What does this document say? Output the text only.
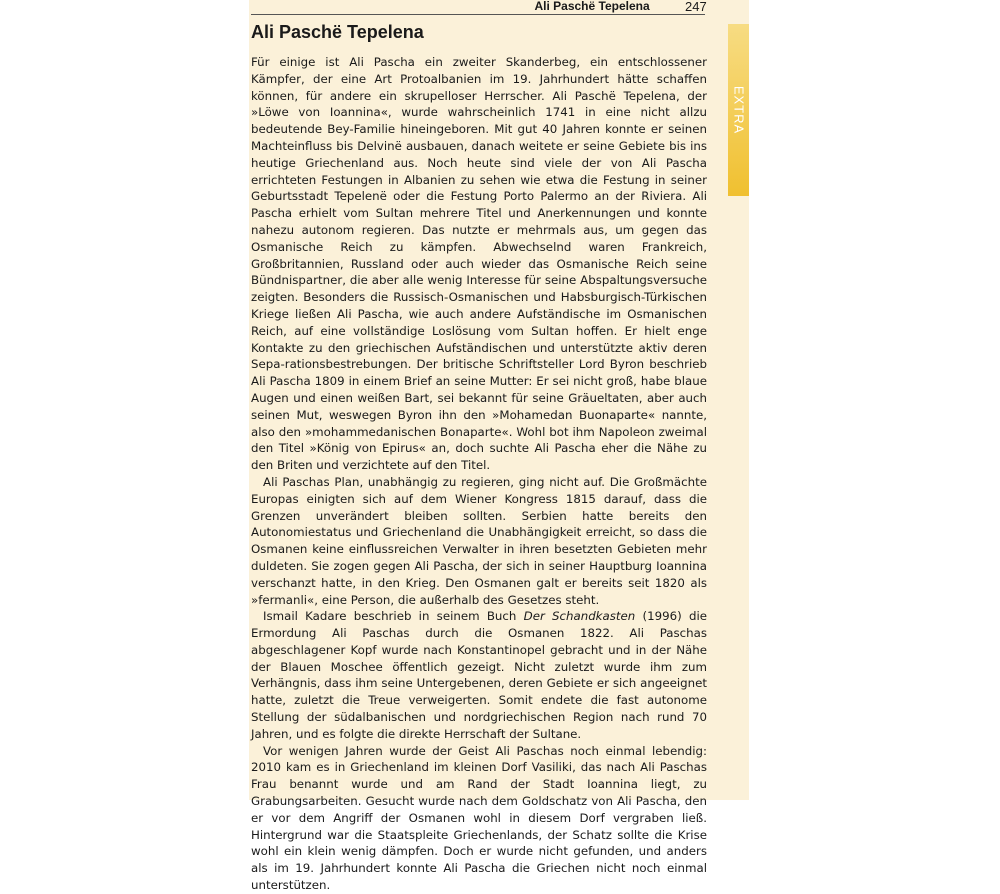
Ali Paschë Tepelena	247
Ali Paschë Tepelena

Für einige ist Ali Pascha ein zweiter Skanderbeg, ein entschlossener Kämpfer, der eine Art Protoalbanien im 19. Jahrhundert hätte schaffen können, für andere ein skrupelloser Herrscher. Ali Paschë Tepelena, der »Löwe von Ioannina«, wurde wahrscheinlich 1741 in eine nicht allzu bedeutende Bey-Familie hineingeboren. Mit gut 40 Jahren konnte er seinen Machteinfluss bis Delvinë ausbauen, danach weitete er seine Gebiete bis ins heutige Griechenland aus. Noch heute sind viele der von Ali Pascha errichteten Festungen in Albanien zu sehen wie etwa die Festung in seiner Geburtsstadt Tepelenë oder die Festung Porto Palermo an der Riviera. Ali Pascha erhielt vom Sultan mehrere Titel und Anerkennungen und konnte nahezu autonom regieren. Das nutzte er mehrmals aus, um gegen das Osmanische Reich zu kämpfen. Abwechselnd waren Frankreich, Großbritannien, Russland oder auch wieder das Osmanische Reich seine Bündnispartner, die aber alle wenig Interesse für seine Abspaltungsversuche zeigten. Besonders die Russisch-Osmanischen und Habsburgisch-Türkischen Kriege ließen Ali Pascha, wie auch andere Aufständische im Osmanischen Reich, auf eine vollständige Loslösung vom Sultan hoffen. Er hielt enge Kontakte zu den griechischen Aufständischen und unterstützte aktiv deren Sepa-rationsbestrebungen. Der britische Schriftsteller Lord Byron beschrieb Ali Pascha 1809 in einem Brief an seine Mutter: Er sei nicht groß, habe blaue Augen und einen weißen Bart, sei bekannt für seine Gräueltaten, aber auch seinen Mut, weswegen Byron ihn den »Mohamedan Buonaparte« nannte, also den »mohammedanischen Bonaparte«. Wohl bot ihm Napoleon zweimal den Titel »König von Epirus« an, doch suchte Ali Pascha eher die Nähe zu den Briten und verzichtete auf den Titel.

Ali Paschas Plan, unabhängig zu regieren, ging nicht auf. Die Großmächte Europas einigten sich auf dem Wiener Kongress 1815 darauf, dass die Grenzen unverändert bleiben sollten. Serbien hatte bereits den Autonomiestatus und Griechenland die Unabhängigkeit erreicht, so dass die Osmanen keine einflussreichen Verwalter in ihren besetzten Gebieten mehr duldeten. Sie zogen gegen Ali Pascha, der sich in seiner Hauptburg Ioannina verschanzt hatte, in den Krieg. Den Osmanen galt er bereits seit 1820 als »fermanli«, eine Person, die außerhalb des Gesetzes steht.

Ismail Kadare beschrieb in seinem Buch Der Schandkasten (1996) die Ermordung Ali Paschas durch die Osmanen 1822. Ali Paschas abgeschlagener Kopf wurde nach Konstantinopel gebracht und in der Nähe der Blauen Moschee öffentlich gezeigt. Nicht zuletzt wurde ihm zum Verhängnis, dass ihm seine Untergebenen, deren Gebiete er sich angeeignet hatte, zuletzt die Treue verweigerten. Somit endete die fast autonome Stellung der südalbanischen und nordgriechischen Region nach rund 70 Jahren, und es folgte die direkte Herrschaft der Sultane.

Vor wenigen Jahren wurde der Geist Ali Paschas noch einmal lebendig: 2010 kam es in Griechenland im kleinen Dorf Vasiliki, das nach Ali Paschas Frau benannt wurde und am Rand der Stadt Ioannina liegt, zu Grabungsarbeiten. Gesucht wurde nach dem Goldschatz von Ali Pascha, den er vor dem Angriff der Osmanen wohl in diesem Dorf vergraben ließ. Hintergrund war die Staatspleite Griechenlands, der Schatz sollte die Krise wohl ein klein wenig dämpfen. Doch er wurde nicht gefunden, und anders als im 19. Jahrhundert konnte Ali Pascha die Griechen nicht noch einmal unterstützen.

EXTRA
